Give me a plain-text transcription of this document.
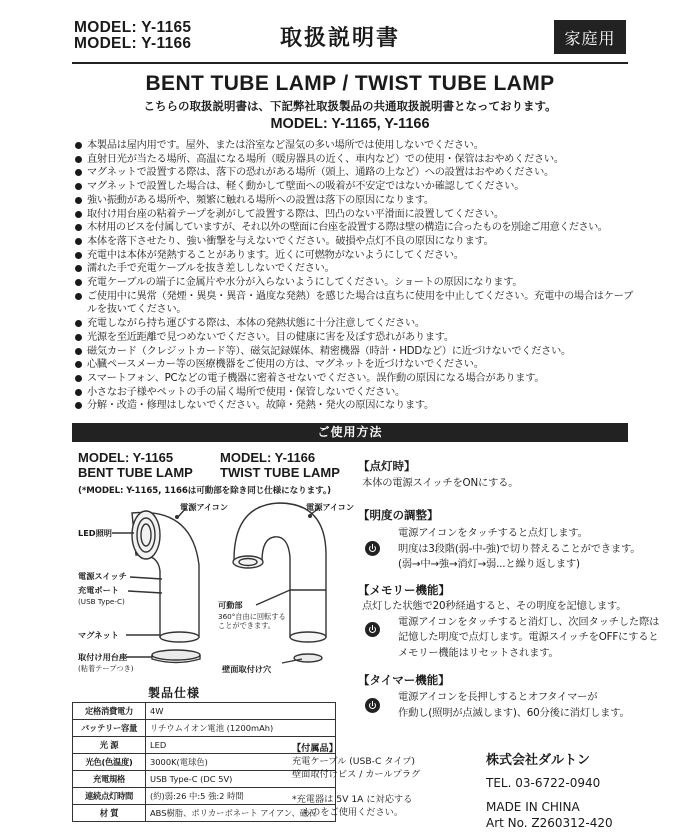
MODEL: Y-1165
MODEL: Y-1166	取扱説明書	家庭用
BENT TUBE LAMP / TWIST TUBE LAMP
こちらの取扱説明書は、下記弊社取扱製品の共通取扱説明書となっております。
MODEL: Y-1165, Y-1166
本製品は屋内用です。屋外、または浴室など湿気の多い場所では使用しないでください。
直射日光が当たる場所、高温になる場所（暖房器具の近く、車内など）での使用・保管はおやめください。
マグネットで設置する際は、落下の恐れがある場所（頭上、通路の上など）への設置はおやめください。
マグネットで設置した場合は、軽く動かして壁面への吸着が不安定ではないか確認してください。
強い振動がある場所や、頻繁に触れる場所への設置は落下の原因になります。
取付け用台座の粘着テープを剥がして設置する際は、凹凸のない平滑面に設置してください。
木材用のビスを付属していますが、それ以外の壁面に台座を設置する際は壁の構造に合ったものを別途ご用意ください。
本体を落下させたり、強い衝撃を与えないでください。破損や点灯不良の原因になります。
充電中は本体が発熱することがあります。近くに可燃物がないようにしてください。
濡れた手で充電ケーブルを抜き差ししないでください。
充電ケーブルの端子に金属片や水分が入らないようにしてください。ショートの原因になります。
ご使用中に異常（発煙・異臭・異音・過度な発熱）を感じた場合は直ちに使用を中止してください。充電中の場合はケーブルを抜いてください。
充電しながら持ち運びする際は、本体の発熱状態に十分注意してください。
光源を至近距離で見つめないでください。目の健康に害を及ぼす恐れがあります。
磁気カード（クレジットカード等）、磁気記録媒体、精密機器（時計・HDDなど）に近づけないでください。
心臓ペースメーカー等の医療機器をご使用の方は、マグネットを近づけないでください。
スマートフォン、PCなどの電子機器に密着させないでください。誤作動の原因になる場合があります。
小さなお子様やペットの手の届く場所で使用・保管しないでください。
分解・改造・修理はしないでください。故障・発熱・発火の原因になります。
ご使用方法
MODEL: Y-1165
BENT TUBE LAMP
MODEL: Y-1166
TWIST TUBE LAMP
(*MODEL: Y-1165, 1166は可動部を除き同じ仕様になります。)
電源アイコン	電源アイコン
LED照明
電源スイッチ
充電ポート
(USB Type-C)	可動部
360°自由に回転する
ことができます。
マグネット
取付け用台座
(粘着テープつき)	壁面取付け穴
【点灯時】
本体の電源スイッチをONにする。
【明度の調整】
電源アイコンをタッチすると点灯します。
明度は3段階(弱-中-強)で切り替えることができます。
(弱→中→強→消灯→弱...と繰り返します)
【メモリー機能】
点灯した状態で20秒経過すると、その明度を記憶します。
電源アイコンをタッチすると消灯し、次回タッチした際は
記憶した明度で点灯します。電源スイッチをOFFにすると
メモリー機能はリセットされます。
【タイマー機能】
電源アイコンを長押しするとオフタイマーが
作動し(照明が点滅します)、60分後に消灯します。
製品仕様
定格消費電力	4W
バッテリー容量	リチウムイオン電池 (1200mAh)
光 源	LED
光色(色温度)	3000K(電球色)
充電規格	USB Type-C (DC 5V)
連続点灯時間	(約)弱:26 中:5 強:2 時間
材 質	ABS樹脂、ポリカーボネート アイアン、磁石
【付属品】
充電ケーブル (USB-C タイプ)
壁面取付けビス / カールプラグ
*充電器は 5V 1A に対応する
ものをご使用ください。
株式会社ダルトン
TEL. 03-6722-0940
MADE IN CHINA
Art No. Z260312-420
